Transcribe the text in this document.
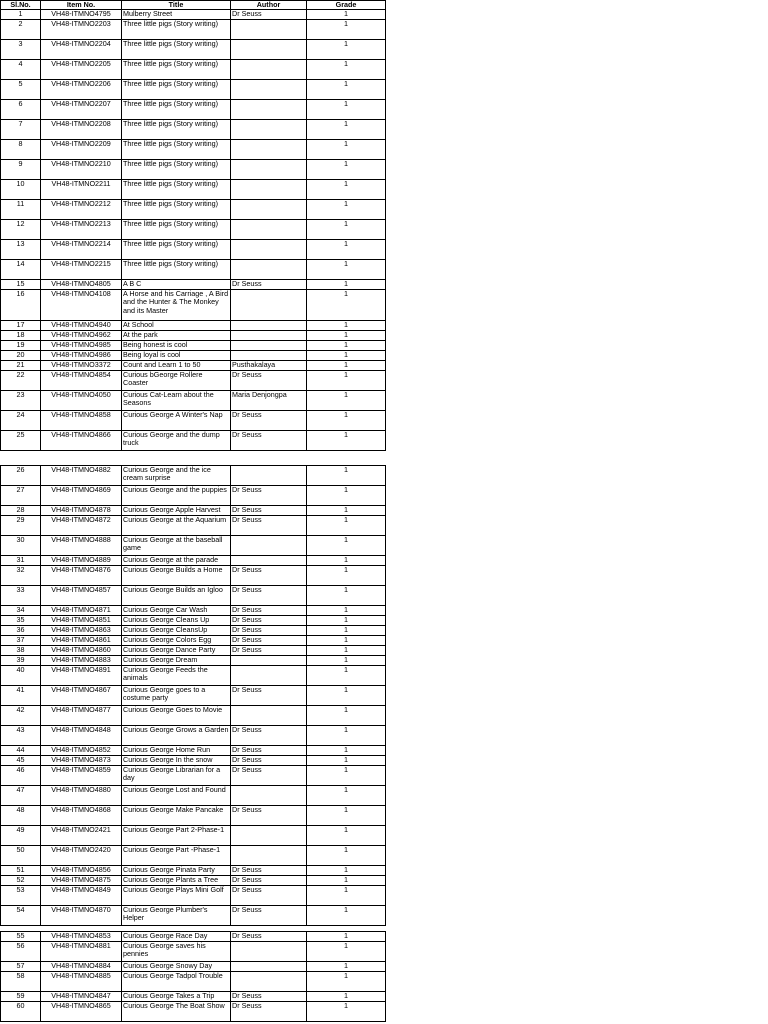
Sl.No.	Item No.	Title	Author	Grade
1	VH48-ITMNO4795	Mulberry Street	Dr Seuss	1
2	VH48-ITMNO2203	Three little pigs (Story writing)		1
3	VH48-ITMNO2204	Three little pigs (Story writing)		1
4	VH48-ITMNO2205	Three little pigs (Story writing)		1
5	VH48-ITMNO2206	Three little pigs (Story writing)		1
6	VH48-ITMNO2207	Three little pigs (Story writing)		1
7	VH48-ITMNO2208	Three little pigs (Story writing)		1
8	VH48-ITMNO2209	Three little pigs (Story writing)		1
9	VH48-ITMNO2210	Three little pigs (Story writing)		1
10	VH48-ITMNO2211	Three little pigs (Story writing)		1
11	VH48-ITMNO2212	Three little pigs (Story writing)		1
12	VH48-ITMNO2213	Three little pigs (Story writing)		1
13	VH48-ITMNO2214	Three little pigs (Story writing)		1
14	VH48-ITMNO2215	Three little pigs (Story writing)		1
15	VH48-ITMNO4805	A B C	Dr Seuss	1
16	VH48-ITMNO4108	A Horse and his Carriage , A Bird and the Hunter & The Monkey and its Master		1
17	VH48-ITMNO4940	At School		1
18	VH48-ITMNO4962	At the park		1
19	VH48-ITMNO4985	Being honest is cool		1
20	VH48-ITMNO4986	Being loyal is cool		1
21	VH48-ITMNO3372	Count and Learn 1 to 50	Pusthakalaya	1
22	VH48-ITMNO4854	Curious bGeorge Rollere Coaster	Dr Seuss	1
23	VH48-ITMNO4050	Curious Cat-Learn about the Seasons	Maria Denjongpa	1
24	VH48-ITMNO4858	Curious George A Winter's Nap	Dr Seuss	1
25	VH48-ITMNO4866	Curious George and the dump truck	Dr Seuss	1
26	VH48-ITMNO4882	Curious George and the ice cream surprise		1
27	VH48-ITMNO4869	Curious George and the puppies	Dr Seuss	1
28	VH48-ITMNO4878	Curious George Apple Harvest	Dr Seuss	1
29	VH48-ITMNO4872	Curious George at the Aquarium	Dr Seuss	1
30	VH48-ITMNO4888	Curious George at the baseball game		1
31	VH48-ITMNO4889	Curious George at the parade		1
32	VH48-ITMNO4876	Curious George Builds a Home	Dr Seuss	1
33	VH48-ITMNO4857	Curious George Builds an Igloo	Dr Seuss	1
34	VH48-ITMNO4871	Curious George Car Wash	Dr Seuss	1
35	VH48-ITMNO4851	Curious George Cleans Up	Dr Seuss	1
36	VH48-ITMNO4863	Curious George CleansUp	Dr Seuss	1
37	VH48-ITMNO4861	Curious George Colors Egg	Dr Seuss	1
38	VH48-ITMNO4860	Curious George Dance Party	Dr Seuss	1
39	VH48-ITMNO4883	Curious George Dream		1
40	VH48-ITMNO4891	Curious George Feeds the animals		1
41	VH48-ITMNO4867	Curious George goes to a costume party	Dr Seuss	1
42	VH48-ITMNO4877	Curious George Goes to Movie		1
43	VH48-ITMNO4848	Curious George Grows a Garden	Dr Seuss	1
44	VH48-ITMNO4852	Curious George Home Run	Dr Seuss	1
45	VH48-ITMNO4873	Curious George In the snow	Dr Seuss	1
46	VH48-ITMNO4859	Curious George Librarian for a day	Dr Seuss	1
47	VH48-ITMNO4880	Curious George Lost and Found		1
48	VH48-ITMNO4868	Curious George Make Pancake	Dr Seuss	1
49	VH48-ITMNO2421	Curious George Part 2-Phase-1		1
50	VH48-ITMNO2420	Curious George Part -Phase-1		1
51	VH48-ITMNO4856	Curious George Pinata Party	Dr Seuss	1
52	VH48-ITMNO4875	Curious George Plants a Tree	Dr Seuss	1
53	VH48-ITMNO4849	Curious George Plays Mini Golf	Dr Seuss	1
54	VH48-ITMNO4870	Curious George Plumber's Helper	Dr Seuss	1
55	VH48-ITMNO4853	Curious George Race Day	Dr Seuss	1
56	VH48-ITMNO4881	Curious George saves his pennies		1
57	VH48-ITMNO4884	Curious George Snowy Day		1
58	VH48-ITMNO4885	Curious George Tadpol Trouble		1
59	VH48-ITMNO4847	Curious George Takes a Trip	Dr Seuss	1
60	VH48-ITMNO4865	Curious George The Boat Show	Dr Seuss	1
